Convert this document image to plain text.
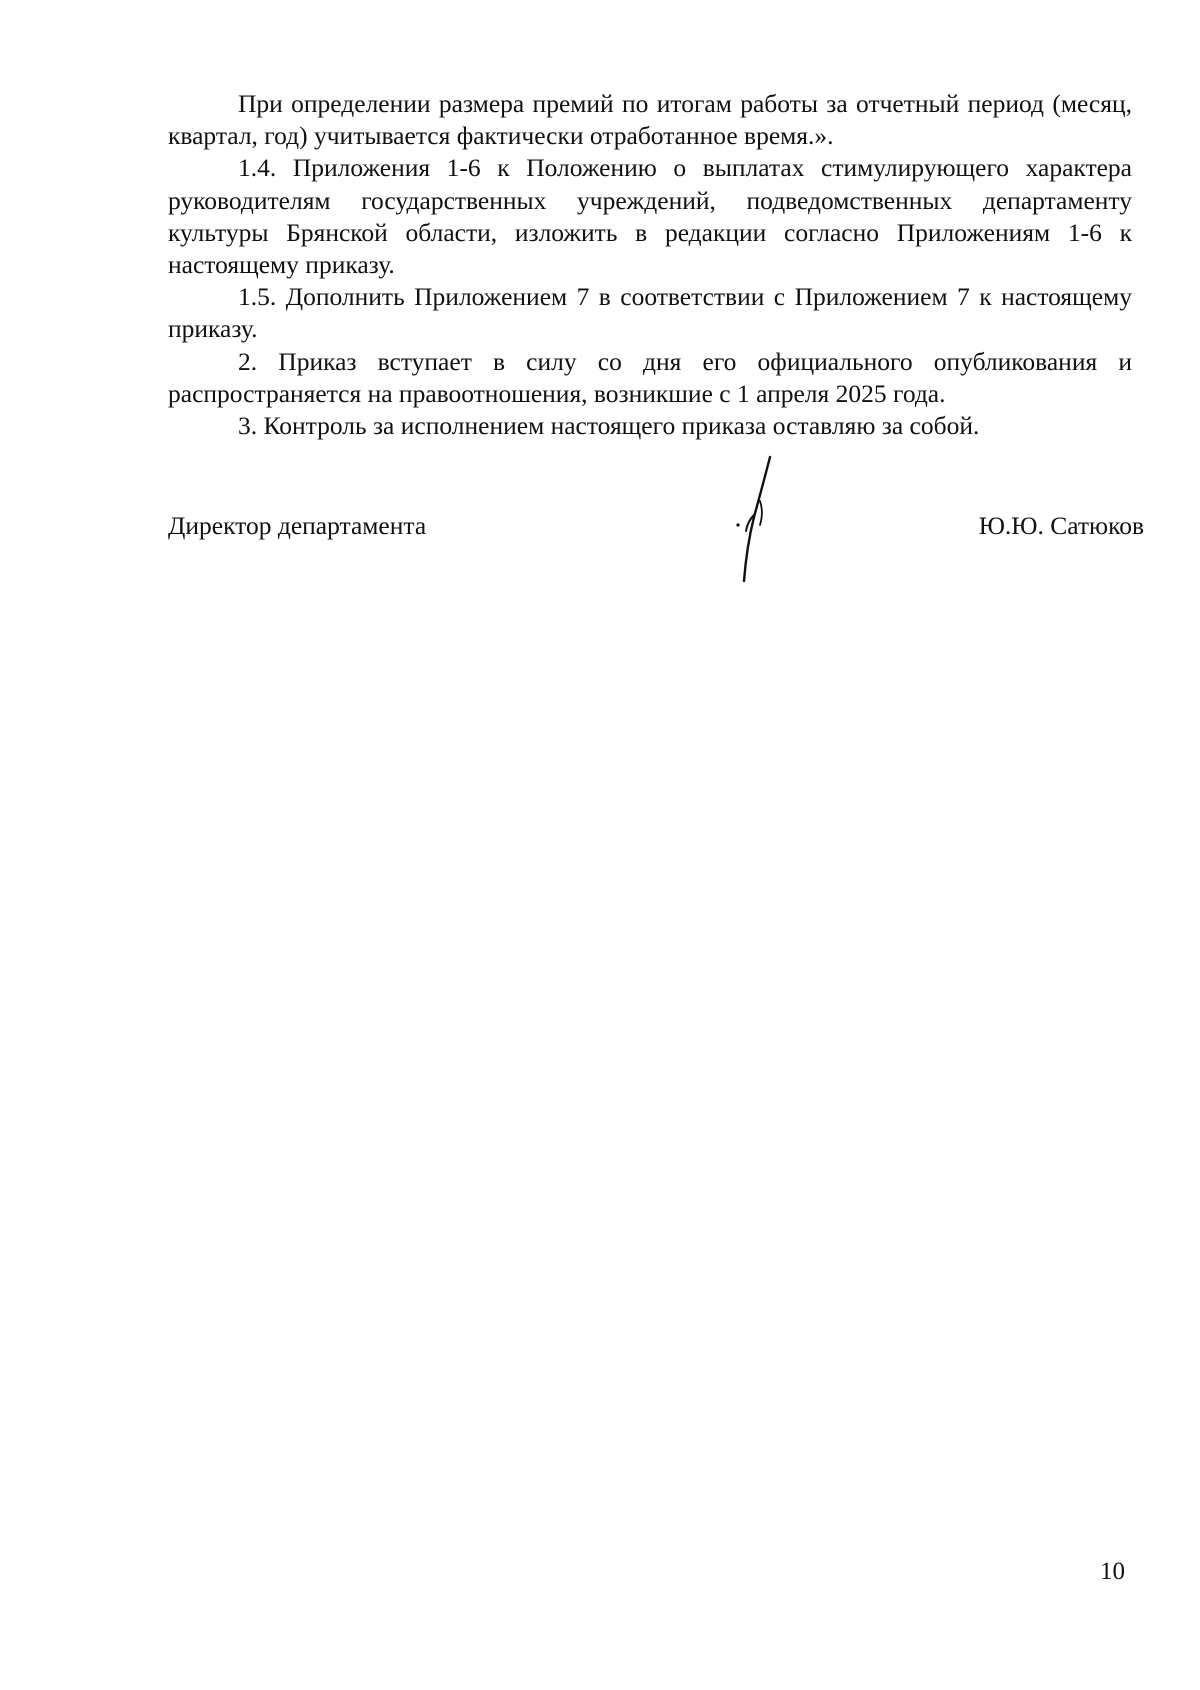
При определении размера премий по итогам работы за отчетный период (месяц, квартал, год) учитывается фактически отработанное время.».

1.4. Приложения 1-6 к Положению о выплатах стимулирующего характера руководителям государственных учреждений, подведомственных департаменту культуры Брянской области, изложить в редакции согласно Приложениям 1-6 к настоящему приказу.

1.5. Дополнить Приложением 7 в соответствии с Приложением 7 к настоящему приказу.

2. Приказ вступает в силу со дня его официального опубликования и распространяется на правоотношения, возникшие с 1 апреля 2025 года.

3. Контроль за исполнением настоящего приказа оставляю за собой.

Директор департамента	Ю.Ю. Сатюков
10
